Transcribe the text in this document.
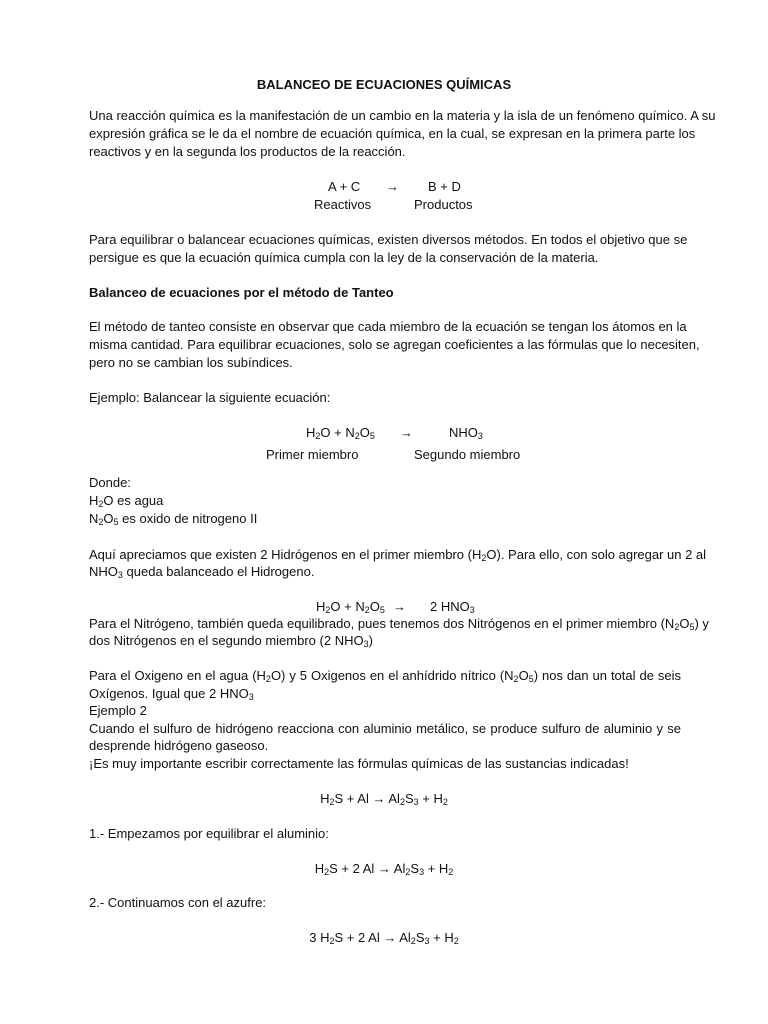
BALANCEO DE ECUACIONES QUÍMICAS
Una reacción química es la manifestación de un cambio en la materia y la isla de un fenómeno químico. A su
expresión gráfica se le da el nombre de ecuación química, en la cual, se expresan en la primera parte los
reactivos y en la segunda los productos de la reacción.
A + C → B + D
Reactivos	Productos
Para equilibrar o balancear ecuaciones químicas, existen diversos métodos. En todos el objetivo que se
persigue es que la ecuación química cumpla con la ley de la conservación de la materia.
Balanceo de ecuaciones por el método de Tanteo
El método de tanteo consiste en observar que cada miembro de la ecuación se tengan los átomos en la
misma cantidad. Para equilibrar ecuaciones, solo se agregan coeficientes a las fórmulas que lo necesiten,
pero no se cambian los subíndices.
Ejemplo: Balancear la siguiente ecuación:
$H_2O + N_2O_5$ →	$NHO_3$
Primer miembro	Segundo miembro
Donde:
$H_2O$ es agua
$N_2O_5$ es oxido de nitrogeno II
Aquí apreciamos que existen 2 Hidrógenos en el primer miembro $(H_2O)$. Para ello, con solo agregar un 2 al
$NHO_3$ queda balanceado el Hidrogeno.
$H_2O + N_2O_5 \to 2$ $HNO_3$
Para el Nitrógeno, también queda equilibrado, pues tenemos dos Nitrógenos en el primer miembro $(N_2O_5)$ y
dos Nitrógenos en el segundo miembro (2 $NHO_3$)
Para el Oxigeno en el agua $(H_2O)$ y 5 Oxigenos en el anhídrido nítrico $(N_2O_5)$ nos dan un total de seis
Oxígenos. Igual que 2 $HNO_3$
Ejemplo 2
Cuando el sulfuro de hidrógeno reacciona con aluminio metálico, se produce sulfuro de aluminio y se
desprende hidrógeno gaseoso.
¡Es muy importante escribir correctamente las fórmulas químicas de las sustancias indicadas!
$H_2S + Al \to Al_2S_3 + H_2$
1.- Empezamos por equilibrar el aluminio:
$H_2S + 2$ $Al \to Al_2S_3 + H_2$
2.- Continuamos con el azufre:
3 $H_2S + 2$ $Al \to Al_2S_3 + H_2$
